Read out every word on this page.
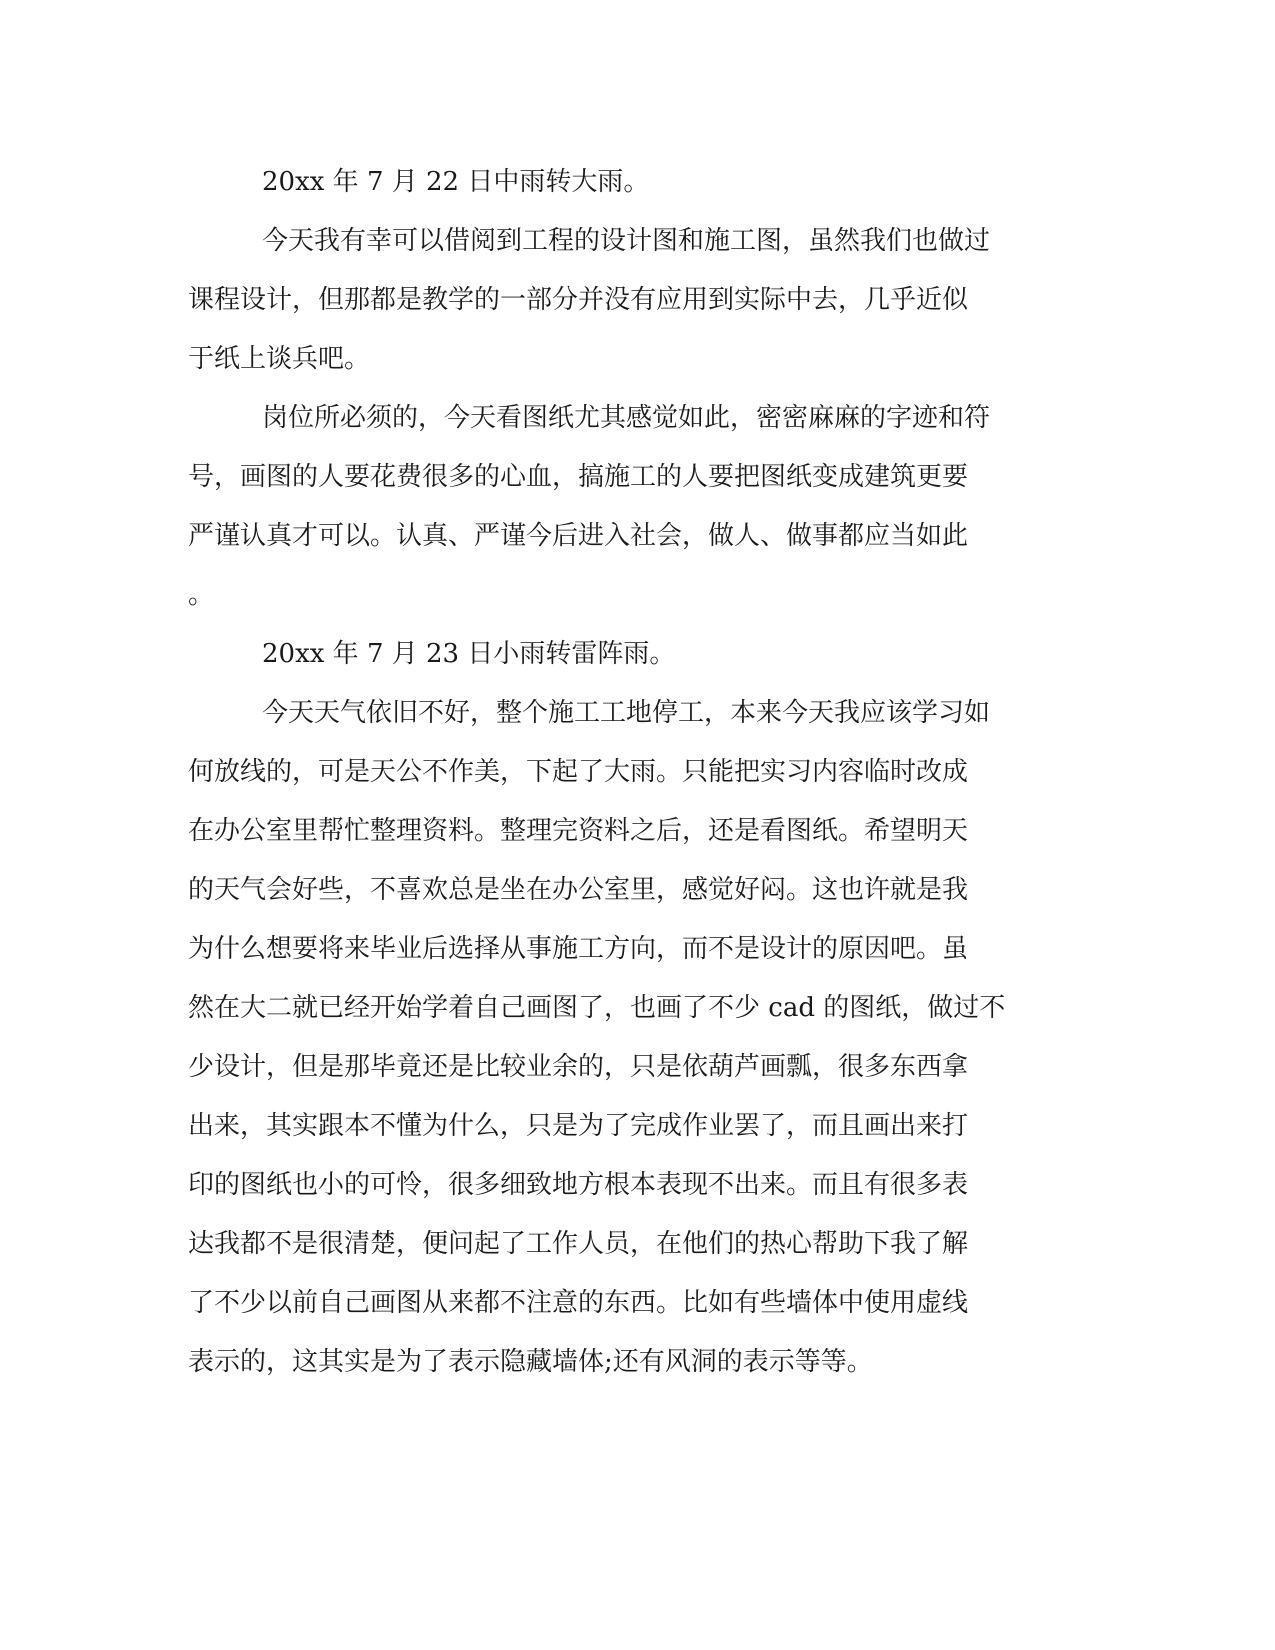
20xx 年 7 月 22 日中雨转大雨。
今天我有幸可以借阅到工程的设计图和施工图，虽然我们也做过
课程设计，但那都是教学的一部分并没有应用到实际中去，几乎近似
于纸上谈兵吧。
岗位所必须的，今天看图纸尤其感觉如此，密密麻麻的字迹和符
号，画图的人要花费很多的心血，搞施工的人要把图纸变成建筑更要
严谨认真才可以。认真、严谨今后进入社会，做人、做事都应当如此
。
20xx 年 7 月 23 日小雨转雷阵雨。
今天天气依旧不好，整个施工工地停工，本来今天我应该学习如
何放线的，可是天公不作美，下起了大雨。只能把实习内容临时改成
在办公室里帮忙整理资料。整理完资料之后，还是看图纸。希望明天
的天气会好些，不喜欢总是坐在办公室里，感觉好闷。这也许就是我
为什么想要将来毕业后选择从事施工方向，而不是设计的原因吧。虽
然在大二就已经开始学着自己画图了，也画了不少 cad 的图纸，做过不
少设计，但是那毕竟还是比较业余的，只是依葫芦画瓢，很多东西拿
出来，其实跟本不懂为什么，只是为了完成作业罢了，而且画出来打
印的图纸也小的可怜，很多细致地方根本表现不出来。而且有很多表
达我都不是很清楚，便问起了工作人员，在他们的热心帮助下我了解
了不少以前自己画图从来都不注意的东西。比如有些墙体中使用虚线
表示的，这其实是为了表示隐藏墙体;还有风洞的表示等等。
